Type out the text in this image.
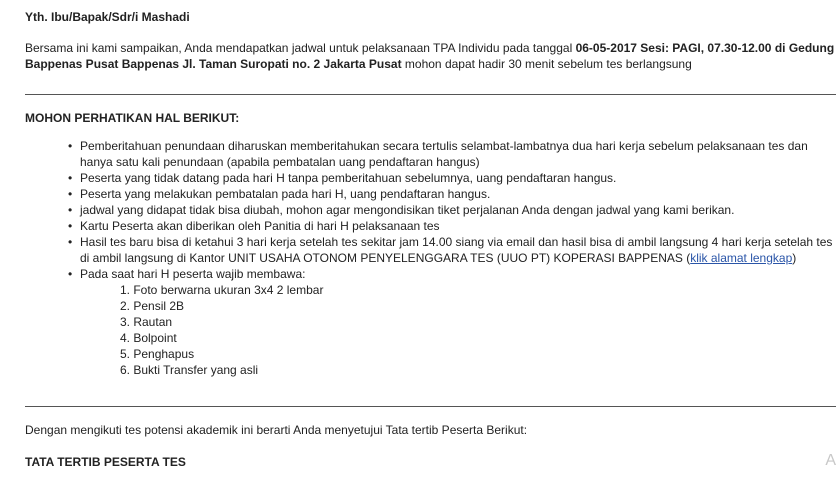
Yth. Ibu/Bapak/Sdr/i Mashadi
Bersama ini kami sampaikan, Anda mendapatkan jadwal untuk pelaksanaan TPA Individu pada tanggal 06-05-2017 Sesi: PAGI, 07.30-12.00 di Gedung Bappenas Pusat Bappenas Jl. Taman Suropati no. 2 Jakarta Pusat mohon dapat hadir 30 menit sebelum tes berlangsung
MOHON PERHATIKAN HAL BERIKUT:
• Pemberitahuan penundaan diharuskan memberitahukan secara tertulis selambat-lambatnya dua hari kerja sebelum pelaksanaan tes dan hanya satu kali penundaan (apabila pembatalan uang pendaftaran hangus)
• Peserta yang tidak datang pada hari H tanpa pemberitahuan sebelumnya, uang pendaftaran hangus.
• Peserta yang melakukan pembatalan pada hari H, uang pendaftaran hangus.
• jadwal yang didapat tidak bisa diubah, mohon agar mengondisikan tiket perjalanan Anda dengan jadwal yang kami berikan.
• Kartu Peserta akan diberikan oleh Panitia di hari H pelaksanaan tes
• Hasil tes baru bisa di ketahui 3 hari kerja setelah tes sekitar jam 14.00 siang via email dan hasil bisa di ambil langsung 4 hari kerja setelah tes di ambil langsung di Kantor UNIT USAHA OTONOM PENYELENGGARA TES (UUO PT) KOPERASI BAPPENAS (klik alamat lengkap)
• Pada saat hari H peserta wajib membawa:
1. Foto berwarna ukuran 3x4 2 lembar
2. Pensil 2B
3. Rautan
4. Bolpoint
5. Penghapus
6. Bukti Transfer yang asli
Dengan mengikuti tes potensi akademik ini berarti Anda menyetujui Tata tertib Peserta Berikut:
TATA TERTIB PESERTA TES	A
